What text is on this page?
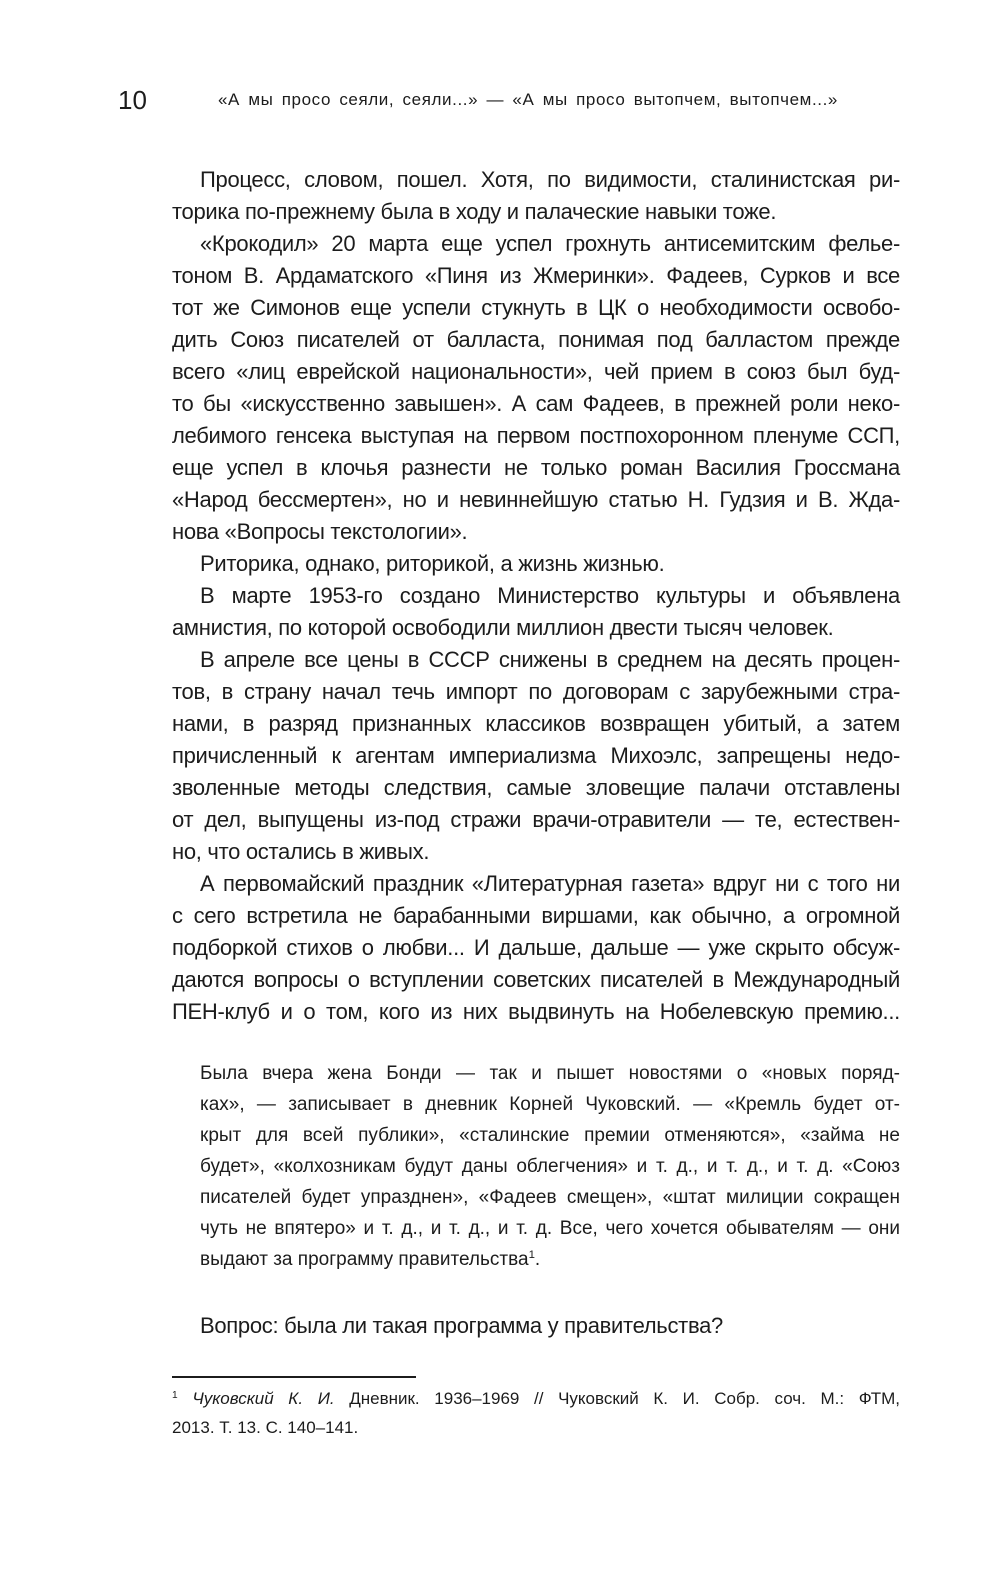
10	«А мы просо сеяли, сеяли...» — «А мы просо вытопчем, вытопчем...»
Процесс, словом, пошел. Хотя, по видимости, сталинистская ри-
торика по-прежнему была в ходу и палаческие навыки тоже.
«Крокодил» 20 марта еще успел грохнуть антисемитским фелье-
тоном В. Ардаматского «Пиня из Жмеринки». Фадеев, Сурков и все
тот же Симонов еще успели стукнуть в ЦК о необходимости освобо-
дить Союз писателей от балласта, понимая под балластом прежде
всего «лиц еврейской национальности», чей прием в союз был буд-
то бы «искусственно завышен». А сам Фадеев, в прежней роли неко-
лебимого генсека выступая на первом постпохоронном пленуме ССП,
еще успел в клочья разнести не только роман Василия Гроссмана
«Народ бессмертен», но и невиннейшую статью Н. Гудзия и В. Жда-
нова «Вопросы текстологии».
Риторика, однако, риторикой, а жизнь жизнью.
В марте 1953-го создано Министерство культуры и объявлена
амнистия, по которой освободили миллион двести тысяч человек.
В апреле все цены в СССР снижены в среднем на десять процен-
тов, в страну начал течь импорт по договорам с зарубежными стра-
нами, в разряд признанных классиков возвращен убитый, а затем
причисленный к агентам империализма Михоэлс, запрещены недо-
зволенные методы следствия, самые зловещие палачи отставлены
от дел, выпущены из-под стражи врачи-отравители — те, естествен-
но, что остались в живых.
А первомайский праздник «Литературная газета» вдруг ни с того ни
с сего встретила не барабанными виршами, как обычно, а огромной
подборкой стихов о любви... И дальше, дальше — уже скрыто обсуж-
даются вопросы о вступлении советских писателей в Международный
ПЕН-клуб и о том, кого из них выдвинуть на Нобелевскую премию...
Была вчера жена Бонди — так и пышет новостями о «новых поряд-
ках», — записывает в дневник Корней Чуковский. — «Кремль будет от-
крыт для всей публики», «сталинские премии отменяются», «займа не
будет», «колхозникам будут даны облегчения» и т. д., и т. д., и т. д. «Союз
писателей будет упразднен», «Фадеев смещен», «штат милиции сокращен
чуть не впятеро» и т. д., и т. д., и т. д. Все, чего хочется обывателям — они
выдают за программу правительства$^1$.
Вопрос: была ли такая программа у правительства?
$^1$ Чуковский К. И. Дневник. 1936–1969 // Чуковский К. И. Собр. соч. М.: ФТМ,
2013. Т. 13. С. 140–141.
